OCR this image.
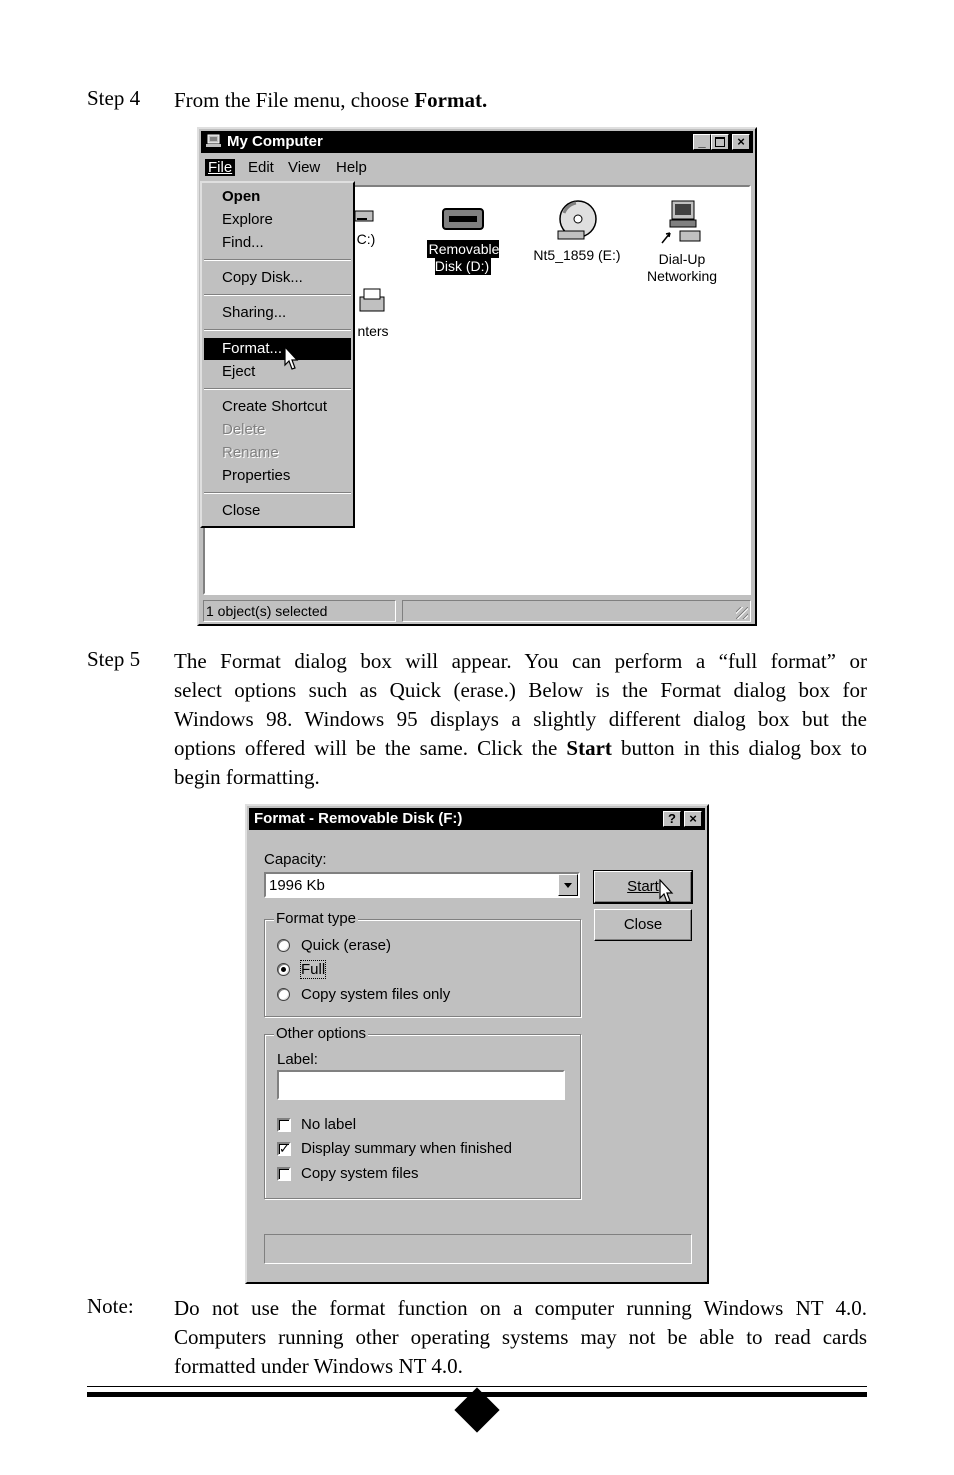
Step 4 From the File menu, choose Format.
My Computer	_	×
File Edit View Help
C:)
Removable
Disk (D:)
Nt5_1859 (E:)	Dial-Up
Networking
nters
1 object(s) selected
Open
Explore
Find...
Copy Disk...
Sharing...
Format...
Eject
Create Shortcut
Delete
Rename
Properties
Close
Step 5 The Format dialog box will appear. You can perform a “full format” or
select options such as Quick (erase.) Below is the Format dialog box for
Windows 98. Windows 95 displays a slightly different dialog box but the
options offered will be the same. Click the Start button in this dialog box to
begin formatting.
Format - Removable Disk (F:)	?	×
Capacity:
1996 Kb	Start
Close
Format type
Quick (erase)
Full
Copy system files only
Other options
Label:
No label
✓ Display summary when finished
Copy system files
Note: Do not use the format function on a computer running Windows NT 4.0.
Computers running other operating systems may not be able to read cards
formatted under Windows NT 4.0.
